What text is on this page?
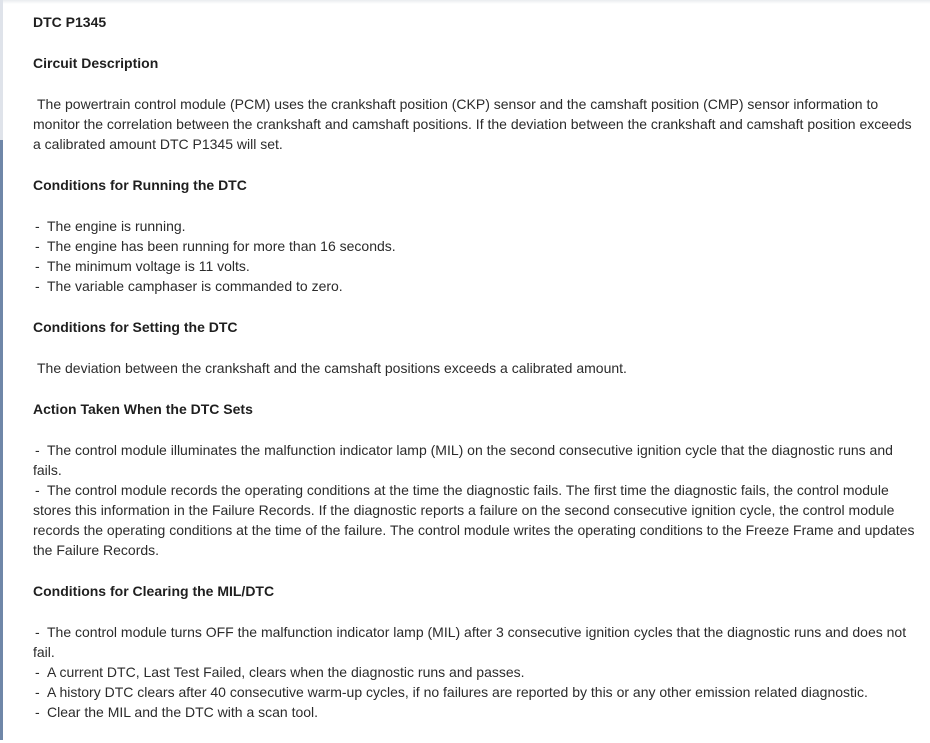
DTC P1345
Circuit Description

The powertrain control module (PCM) uses the crankshaft position (CKP) sensor and the camshaft position (CMP) sensor information to monitor the correlation between the crankshaft and camshaft positions. If the deviation between the crankshaft and camshaft position exceeds a calibrated amount DTC P1345 will set.

Conditions for Running the DTC
- The engine is running.
- The engine has been running for more than 16 seconds.
- The minimum voltage is 11 volts.
- The variable camphaser is commanded to zero.
Conditions for Setting the DTC

The deviation between the crankshaft and the camshaft positions exceeds a calibrated amount.

Action Taken When the DTC Sets
- The control module illuminates the malfunction indicator lamp (MIL) on the second consecutive ignition cycle that the diagnostic runs and fails.
- The control module records the operating conditions at the time the diagnostic fails. The first time the diagnostic fails, the control module stores this information in the Failure Records. If the diagnostic reports a failure on the second consecutive ignition cycle, the control module records the operating conditions at the time of the failure. The control module writes the operating conditions to the Freeze Frame and updates the Failure Records.
Conditions for Clearing the MIL/DTC
- The control module turns OFF the malfunction indicator lamp (MIL) after 3 consecutive ignition cycles that the diagnostic runs and does not fail.
- A current DTC, Last Test Failed, clears when the diagnostic runs and passes.
- A history DTC clears after 40 consecutive warm-up cycles, if no failures are reported by this or any other emission related diagnostic.
- Clear the MIL and the DTC with a scan tool.
